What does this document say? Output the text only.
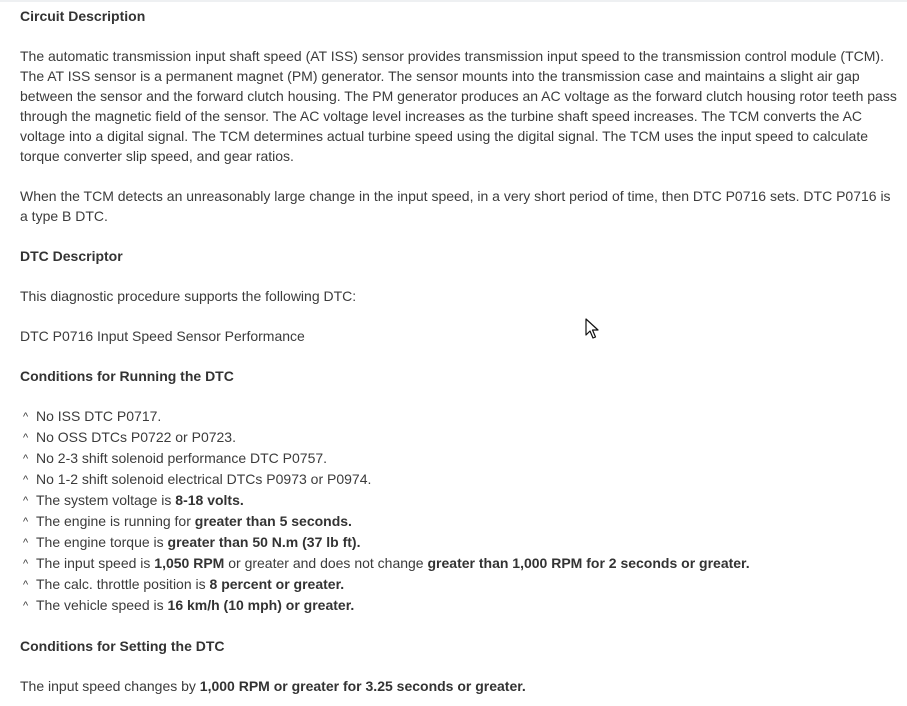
Circuit Description

The automatic transmission input shaft speed (AT ISS) sensor provides transmission input speed to the transmission control module (TCM). The AT ISS sensor is a permanent magnet (PM) generator. The sensor mounts into the transmission case and maintains a slight air gap between the sensor and the forward clutch housing. The PM generator produces an AC voltage as the forward clutch housing rotor teeth pass through the magnetic field of the sensor. The AC voltage level increases as the turbine shaft speed increases. The TCM converts the AC voltage into a digital signal. The TCM determines actual turbine speed using the digital signal. The TCM uses the input speed to calculate torque converter slip speed, and gear ratios.

When the TCM detects an unreasonably large change in the input speed, in a very short period of time, then DTC P0716 sets. DTC P0716 is a type B DTC.

DTC Descriptor

This diagnostic procedure supports the following DTC:

DTC P0716 Input Speed Sensor Performance

Conditions for Running the DTC
^ No ISS DTC P0717.
^ No OSS DTCs P0722 or P0723.
^ No 2-3 shift solenoid performance DTC P0757.
^ No 1-2 shift solenoid electrical DTCs P0973 or P0974.
^ The system voltage is 8-18 volts.
^ The engine is running for greater than 5 seconds.
^ The engine torque is greater than 50 N.m (37 lb ft).
^ The input speed is 1,050 RPM or greater and does not change greater than 1,000 RPM for 2 seconds or greater.
^ The calc. throttle position is 8 percent or greater.
^ The vehicle speed is 16 km/h (10 mph) or greater.
Conditions for Setting the DTC

The input speed changes by 1,000 RPM or greater for 3.25 seconds or greater.
